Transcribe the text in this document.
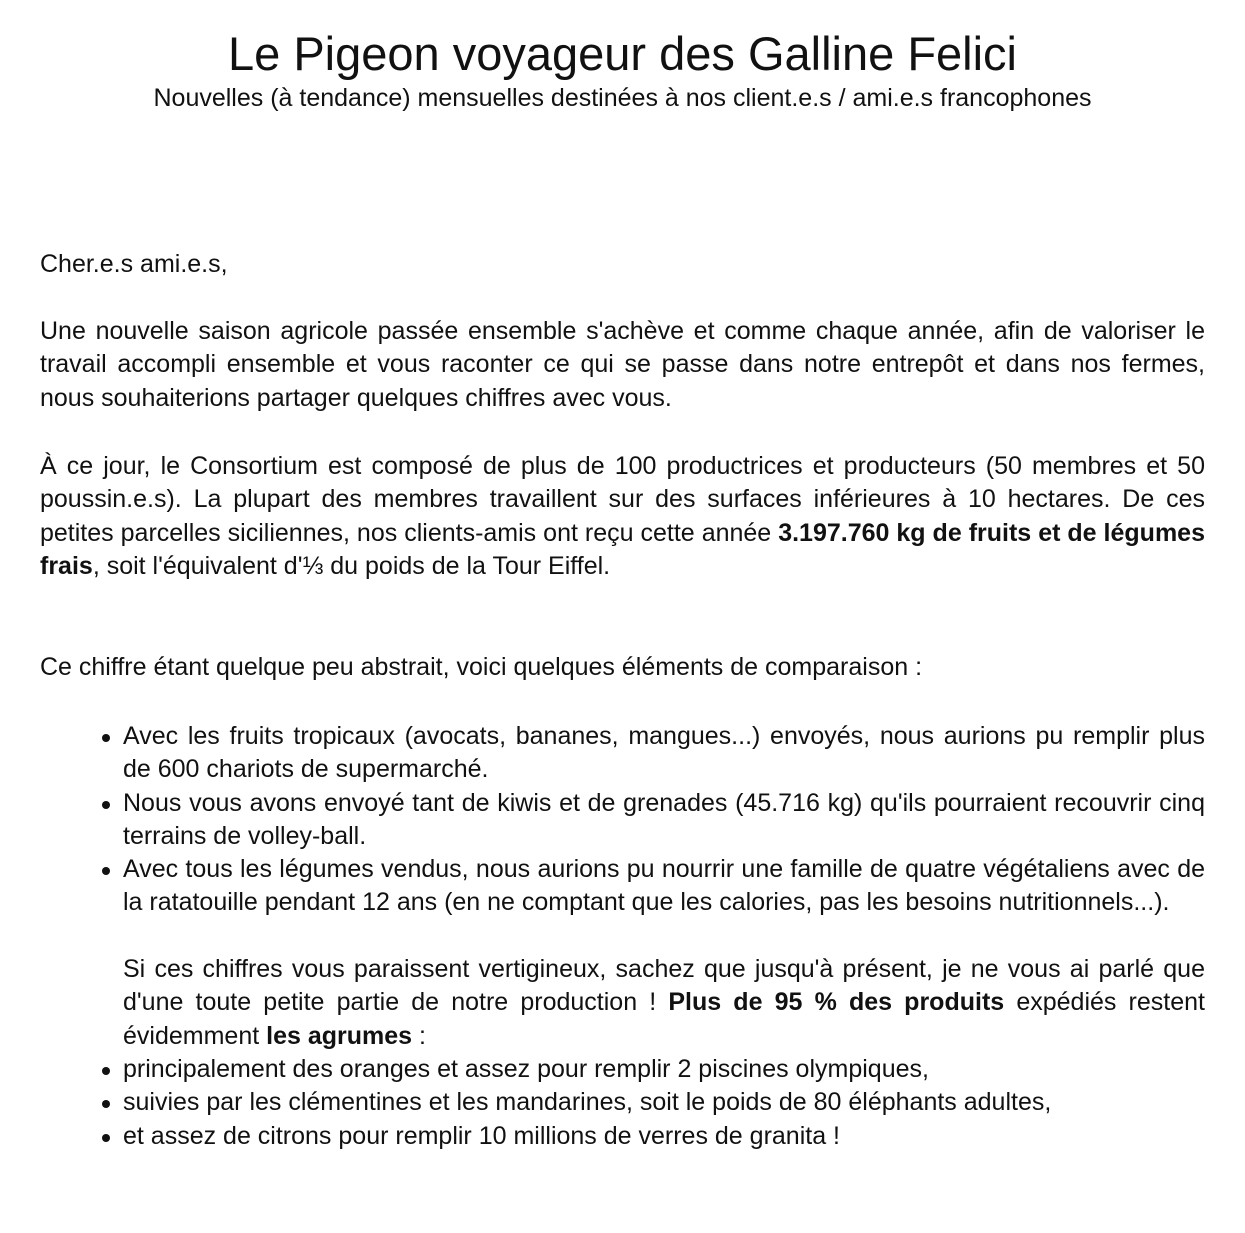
Le Pigeon voyageur des Galline Felici

Nouvelles (à tendance) mensuelles destinées à nos client.e.s / ami.e.s francophones

Cher.e.s ami.e.s,

Une nouvelle saison agricole passée ensemble s'achève et comme chaque année, afin de valoriser le travail accompli ensemble et vous raconter ce qui se passe dans notre entrepôt et dans nos fermes, nous souhaiterions partager quelques chiffres avec vous.

À ce jour, le Consortium est composé de plus de 100 productrices et producteurs (50 membres et 50 poussin.e.s). La plupart des membres travaillent sur des surfaces inférieures à 10 hectares. De ces petites parcelles siciliennes, nos clients-amis ont reçu cette année 3.197.760 kg de fruits et de légumes frais, soit l'équivalent d'⅓ du poids de la Tour Eiffel.

Ce chiffre étant quelque peu abstrait, voici quelques éléments de comparaison :

Avec les fruits tropicaux (avocats, bananes, mangues...) envoyés, nous aurions pu remplir plus de 600 chariots de supermarché.
Nous vous avons envoyé tant de kiwis et de grenades (45.716 kg) qu'ils pourraient recouvrir cinq terrains de volley-ball.
Avec tous les légumes vendus, nous aurions pu nourrir une famille de quatre végétaliens avec de la ratatouille pendant 12 ans (en ne comptant que les calories, pas les besoins nutritionnels...).
Si ces chiffres vous paraissent vertigineux, sachez que jusqu'à présent, je ne vous ai parlé que d'une toute petite partie de notre production ! Plus de 95 % des produits expédiés restent évidemment les agrumes :
principalement des oranges et assez pour remplir 2 piscines olympiques,
suivies par les clémentines et les mandarines, soit le poids de 80 éléphants adultes,
et assez de citrons pour remplir 10 millions de verres de granita !
